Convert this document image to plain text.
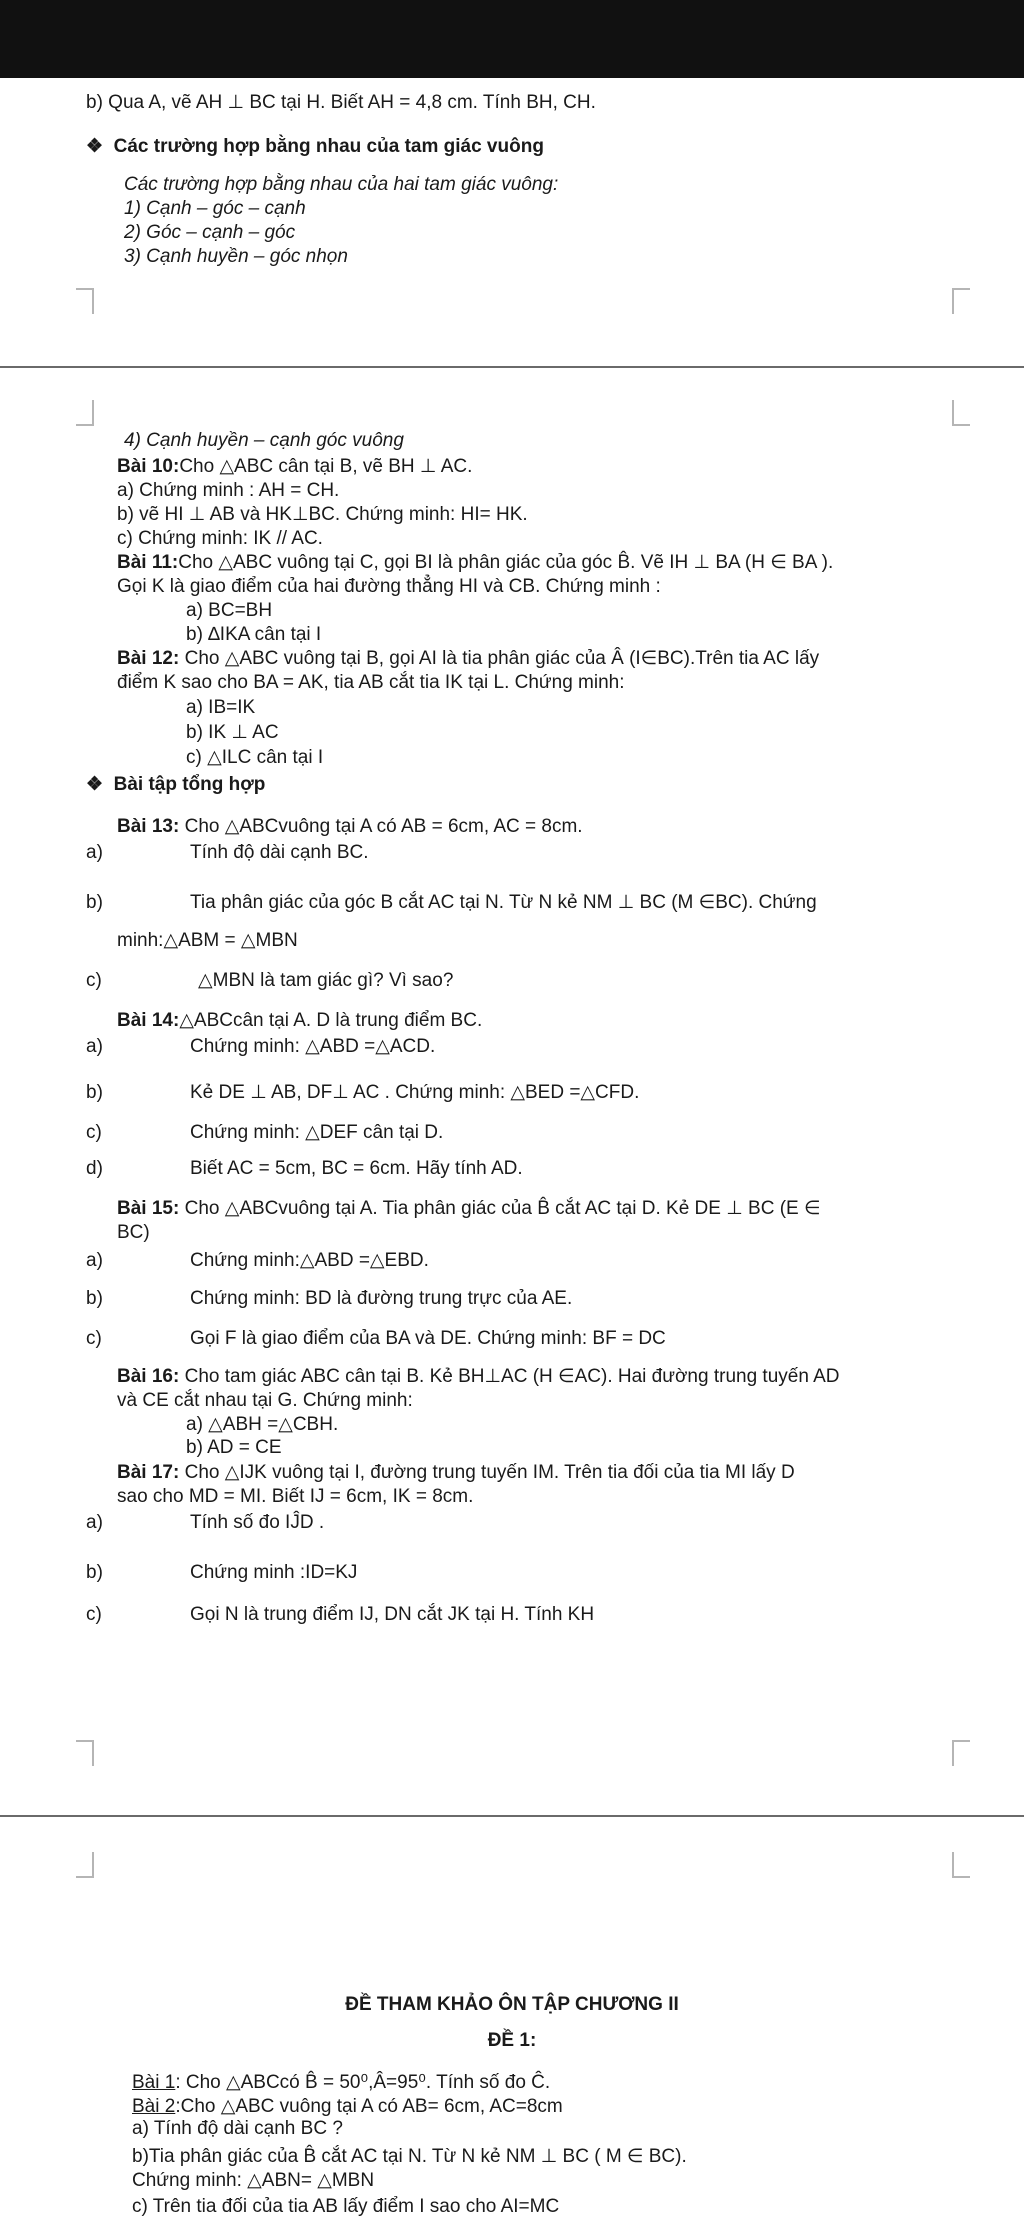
b) Qua A, vẽ AH ⊥ BC tại H. Biết AH = 4,8 cm. Tính BH, CH.
❖ Các trường hợp bằng nhau của tam giác vuông
Các trường hợp bằng nhau của hai tam giác vuông:
1) Cạnh – góc – cạnh
2) Góc – cạnh – góc
3) Cạnh huyền – góc nhọn
4) Cạnh huyền – cạnh góc vuông
Bài 10:Cho △ABC cân tại B, vẽ BH ⊥ AC.
a) Chứng minh : AH = CH.
b) vẽ HI ⊥ AB và HK⊥BC. Chứng minh: HI= HK.
c) Chứng minh: IK // AC.
Bài 11:Cho △ABC vuông tại C, gọi BI là phân giác của góc B̂. Vẽ IH ⊥ BA (H ∈ BA ).
Gọi K là giao điểm của hai đường thẳng HI và CB. Chứng minh :
a) BC=BH
b) ∆IKA cân tại I
Bài 12: Cho △ABC vuông tại B, gọi AI là tia phân giác của Â (I∈BC).Trên tia AC lấy
điểm K sao cho BA = AK, tia AB cắt tia IK tại L. Chứng minh:
a) IB=IK
b) IK ⊥ AC
c) △ILC cân tại I
❖ Bài tập tổng hợp
Bài 13: Cho △ABCvuông tại A có AB = 6cm, AC = 8cm.
a)	Tính độ dài cạnh BC.
b)	Tia phân giác của góc B cắt AC tại N. Từ N kẻ NM ⊥ BC (M ∈BC). Chứng
minh:△ABM = △MBN
c)	△MBN là tam giác gì? Vì sao?
Bài 14:△ABCcân tại A. D là trung điểm BC.
a)	Chứng minh: △ABD =△ACD.
b)	Kẻ DE ⊥ AB, DF⊥ AC . Chứng minh: △BED =△CFD.
c)	Chứng minh: △DEF cân tại D.
d)	Biết AC = 5cm, BC = 6cm. Hãy tính AD.
Bài 15: Cho △ABCvuông tại A. Tia phân giác của B̂ cắt AC tại D. Kẻ DE ⊥ BC (E ∈
BC)
a)	Chứng minh:△ABD =△EBD.
b)	Chứng minh: BD là đường trung trực của AE.
c)	Gọi F là giao điểm của BA và DE. Chứng minh: BF = DC
Bài 16: Cho tam giác ABC cân tại B. Kẻ BH⊥AC (H ∈AC). Hai đường trung tuyến AD
và CE cắt nhau tại G. Chứng minh:
a) △ABH =△CBH.
b) AD = CE
Bài 17: Cho △IJK vuông tại I, đường trung tuyến IM. Trên tia đối của tia MI lấy D
sao cho MD = MI. Biết IJ = 6cm, IK = 8cm.
a)	Tính số đo IĴD .
b)	Chứng minh :ID=KJ
c)	Gọi N là trung điểm IJ, DN cắt JK tại H. Tính KH
ĐỀ THAM KHẢO ÔN TẬP CHƯƠNG II
ĐỀ 1:
Bài 1: Cho △ABCcó B̂ = 50⁰,Â=95⁰. Tính số đo Ĉ.
Bài 2:Cho △ABC vuông tại A có AB= 6cm, AC=8cm
a) Tính độ dài cạnh BC ?
b)Tia phân giác của B̂ cắt AC tại N. Từ N kẻ NM ⊥ BC ( M ∈ BC).
Chứng minh: △ABN= △MBN
c) Trên tia đối của tia AB lấy điểm I sao cho AI=MC
